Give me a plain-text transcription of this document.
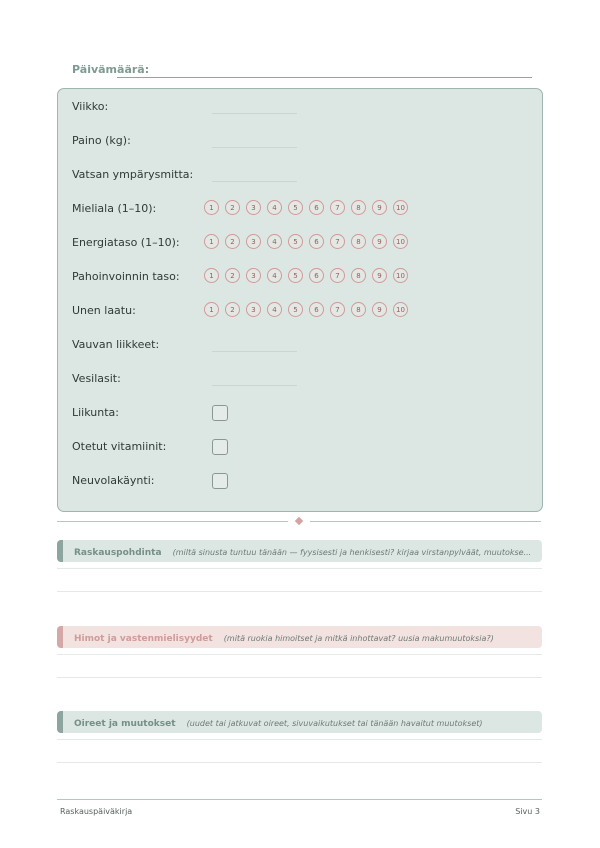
Päivämäärä:
Viikko:
Paino (kg):
Vatsan ympärysmitta:
Mieliala (1–10):	1	2	3	4	5	6	7	8	9	10
Energiataso (1–10):	1	2	3	4	5	6	7	8	9	10
Pahoinvoinnin taso:	1	2	3	4	5	6	7	8	9	10
Unen laatu:	1	2	3	4	5	6	7	8	9	10
Vauvan liikkeet:
Vesilasit:
Liikunta:
Otetut vitamiinit:
Neuvolakäynti:
Raskauspohdinta (miltä sinusta tuntuu tänään — fyysisesti ja henkisesti? kirjaa virstanpylväät, muutokse...
Himot ja vastenmielisyydet (mitä ruokia himoitset ja mitkä inhottavat? uusia makumuutoksia?)
Oireet ja muutokset (uudet tai jatkuvat oireet, sivuvaikutukset tai tänään havaitut muutokset)
Raskauspäiväkirja	Sivu 3
